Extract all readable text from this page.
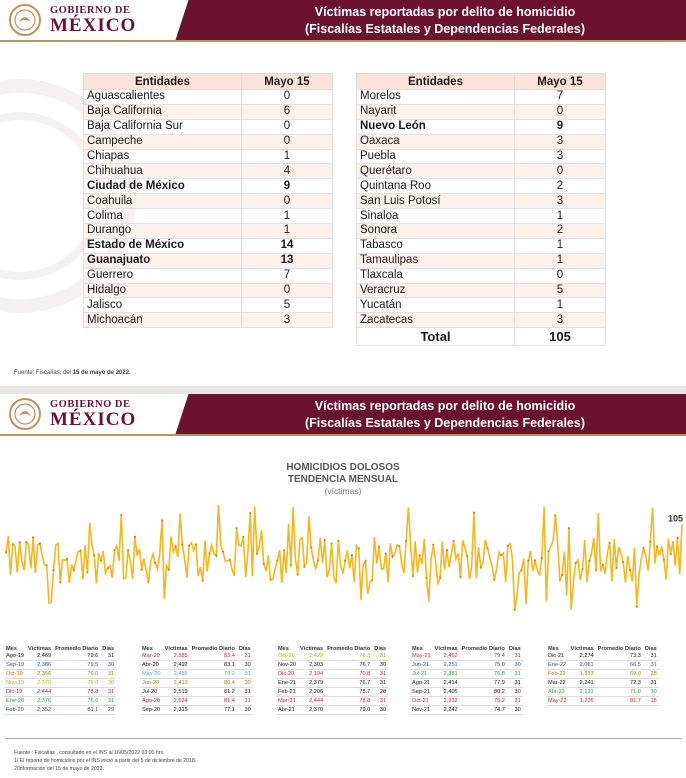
GOBIERNO DE
MÉXICO
Víctimas reportadas por delito de homicidio
(Fiscalías Estatales y Dependencias Federales)
Entidades	Mayo 15
Aguascalientes	0
Baja California	6
Baja California Sur	0
Campeche	0
Chiapas	1
Chihuahua	4
Ciudad de México	9
Coahuila	0
Colima	1
Durango	1
Estado de México	14
Guanajuato	13
Guerrero	7
Hidalgo	0
Jalisco	5
Michoacán	3
Entidades	Mayo 15
Morelos	7
Nayarit	0
Nuevo León	9
Oaxaca	3
Puebla	3
Querétaro	0
Quintana Roo	2
San Luis Potosí	3
Sinaloa	1
Sonora	2
Tabasco	1
Tamaulipas	1
Tlaxcala	0
Veracruz	5
Yucatán	1
Zacatecas	3
Total	105
Fuente: Fiscalías, del 15 de mayo de 2022.
GOBIERNO DE
MÉXICO
Víctimas reportadas por delito de homicidio
(Fiscalías Estatales y Dependencias Federales)
HOMICIDIOS DOLOSOS
TENDENCIA MENSUAL
(víctimas)
105
Mes	Víctimas	Promedio Diario	Días
Ago-19	2,469	79.6	31
Sep-19	2,386	79.5	30
Oct-19	2,356	76.0	31
Nov-19	2,370	79.0	30
Dic-19	2,444	78.8	31
Ene-20	2,376	76.6	31
Feb-20	2,352	81.1	29
Mes	Víctimas	Promedio Diario	Días
Mar-20	2,585	83.4	31
Abr-20	2,492	83.1	30
May-20	2,455	79.2	31
Jun-20	2,413	80.4	30
Jul-20	2,519	81.2	31
Ago-20	2,524	81.4	31
Sep-20	2,315	77.1	30
Mes	Víctimas	Promedio Diario	Días
Oct-20	2,429	78.3	31
Nov-20	2,303	76.7	30
Dic-20	2,194	70.8	31
Ene-21	2,379	76.7	31
Feb-21	2,206	78.7	28
Mar-21	2,444	78.8	31
Abr-21	2,370	79.0	30
Mes	Víctimas	Promedio Diario	Días
May-21	2,462	79.4	31
Jun-21	2,251	75.0	30
Jul-21	2,381	76.8	31
Ago-21	2,414	77.9	31
Sep-21	2,405	80.2	30
Oct-21	2,332	75.2	31
Nov-21	2,242	74.7	30
Mes	Víctimas	Promedio Diario	Días
Dic-21	2,274	73.3	31
Ene-22	2,061	66.5	31
Feb-22	1,933	69.0	28
Mar-22	2,241	72.3	31
Abr-22	2,131	71.0	30
May-22	1,226	81.7	15
Fuente : Fiscalías , consultado en el INS al 16/05/2022 03:00 hrs.
1/ El reporte de homicidios por el INS inició a partir del 5 de diciembre de 2018.
2/Información del 15 de mayo de 2022.
